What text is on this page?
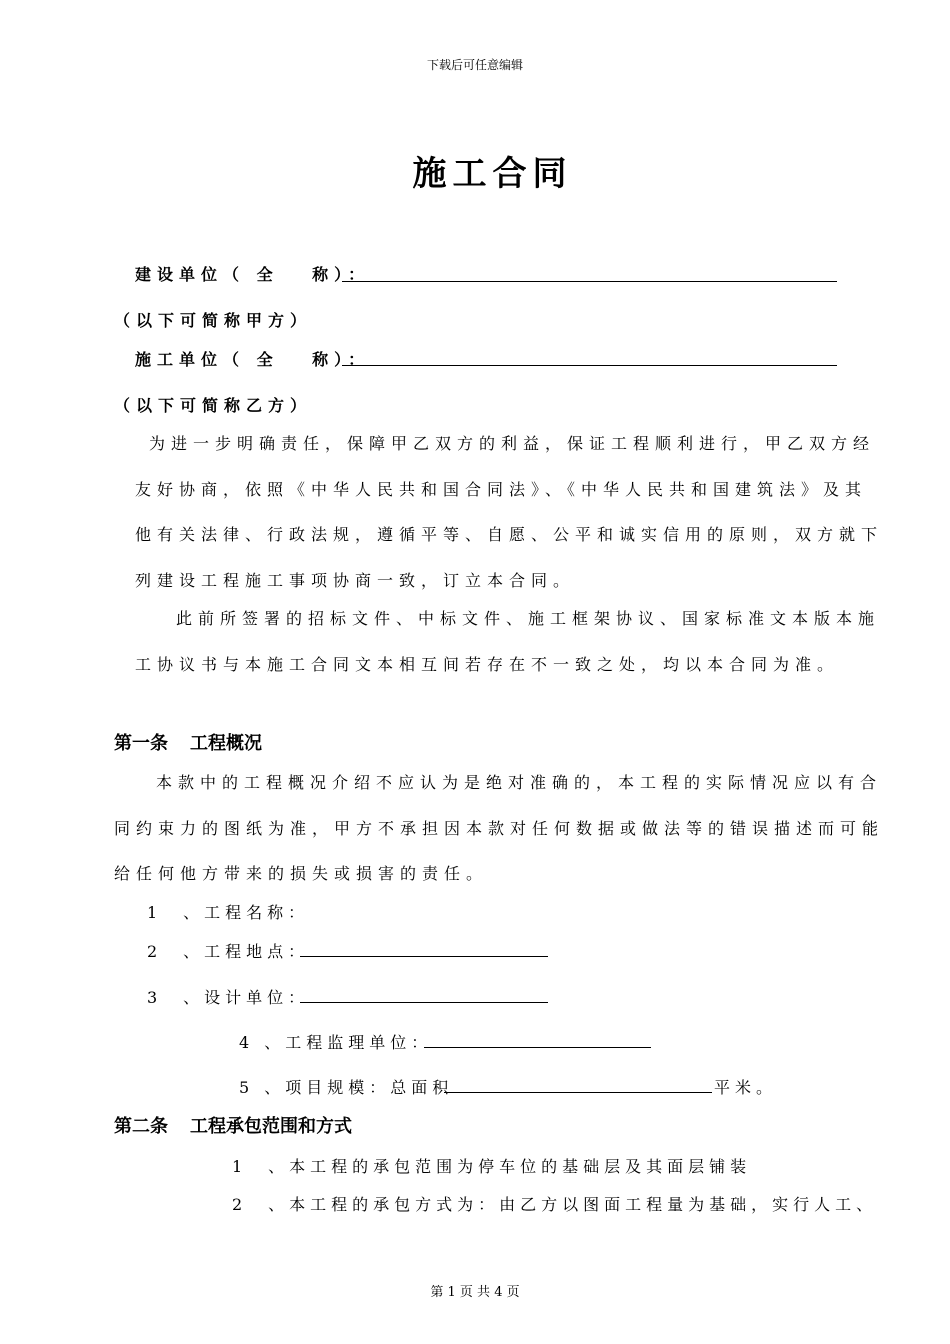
下载后可任意编辑
施工合同
建设单位（ 全　 称）：
（以下可简称甲方）
施工单位（ 全　 称）：
（以下可简称乙方）
为进一步明确责任，保障甲乙双方的利益，保证工程顺利进行，甲乙双方经
友好协商，依照《中华人民共和国合同法》、《中华人民共和国建筑法》及其
他有关法律、行政法规，遵循平等、自愿、公平和诚实信用的原则，双方就下
列建设工程施工事项协商一致，订立本合同。
此前所签署的招标文件、中标文件、施工框架协议、国家标准文本版本施
工协议书与本施工合同文本相互间若存在不一致之处，均以本合同为准。
第一条 工程概况
本款中的工程概况介绍不应认为是绝对准确的，本工程的实际情况应以有合
同约束力的图纸为准，甲方不承担因本款对任何数据或做法等的错误描述而可能
给任何他方带来的损失或损害的责任。
1　、工程名称：
2　、工程地点：
3　、设计单位：
4 、工程监理单位：
5 、项目规模：总面积	平米。
第二条 工程承包范围和方式
1　、本工程的承包范围为停车位的基础层及其面层铺装
2　、本工程的承包方式为：由乙方以图面工程量为基础，实行人工、
第 1 页 共 4 页
